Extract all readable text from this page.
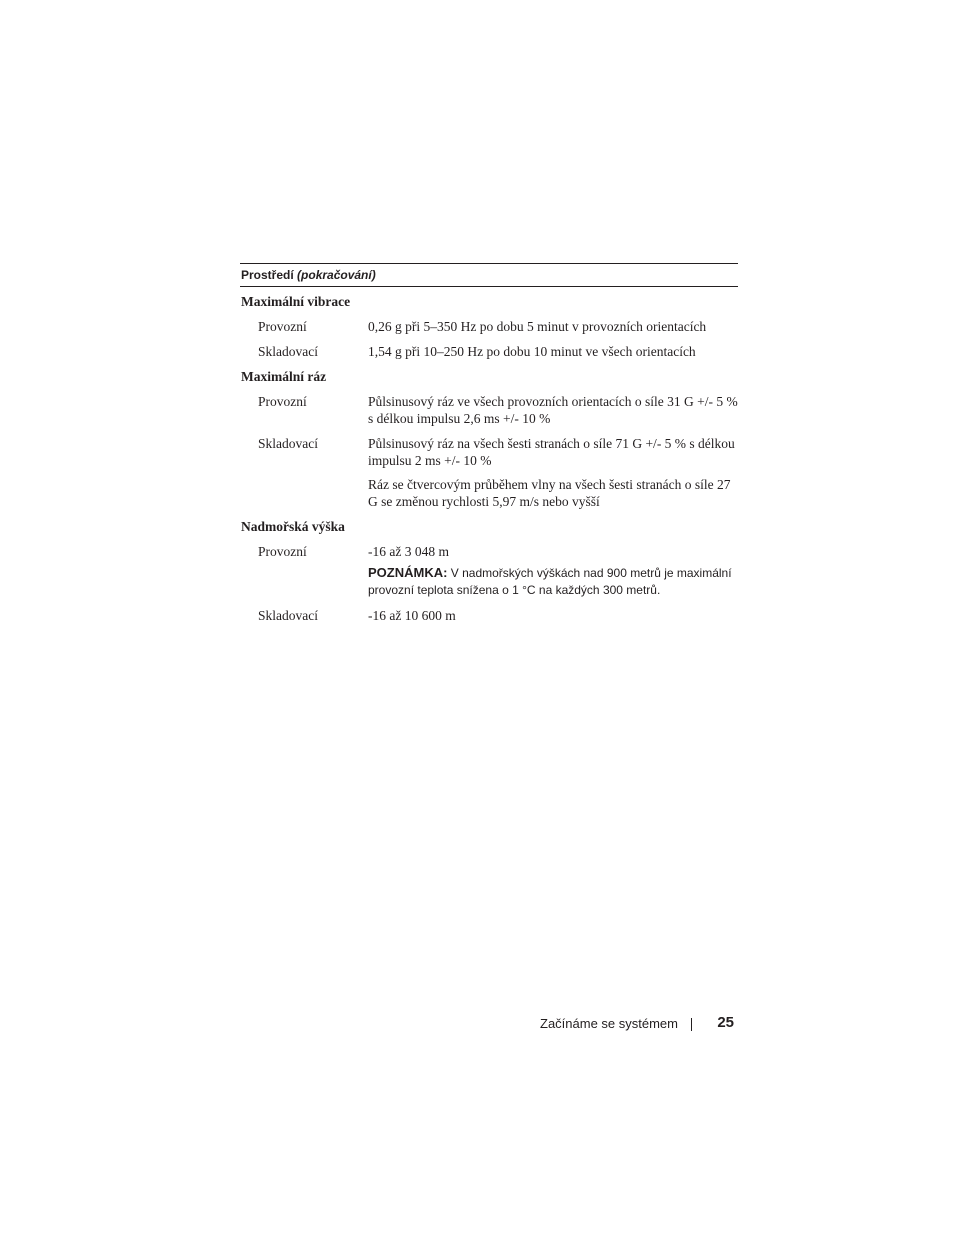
Prostředí (pokračování)
Maximální vibrace
Provozní	0,26 g při 5–350 Hz po dobu 5 minut v provozních orientacích

Skladovací	1,54 g při 10–250 Hz po dobu 10 minut ve všech orientacích

Maximální ráz
Provozní	Půlsinusový ráz ve všech provozních orientacích o síle 31 G +/- 5 % s délkou impulsu 2,6 ms +/- 10 %

Skladovací	Půlsinusový ráz na všech šesti stranách o síle 71 G +/- 5 % s délkou impulsu 2 ms +/- 10 %

Ráz se čtvercovým průběhem vlny na všech šesti stranách o síle 27 G se změnou rychlosti 5,97 m/s nebo vyšší

Nadmořská výška
Provozní	-16 až 3 048 m

POZNÁMKA: V nadmořských výškách nad 900 metrů je maximální provozní teplota snížena o 1 °C na každých 300 metrů.
Skladovací	-16 až 10 600 m

Začínáme se systémem	25
